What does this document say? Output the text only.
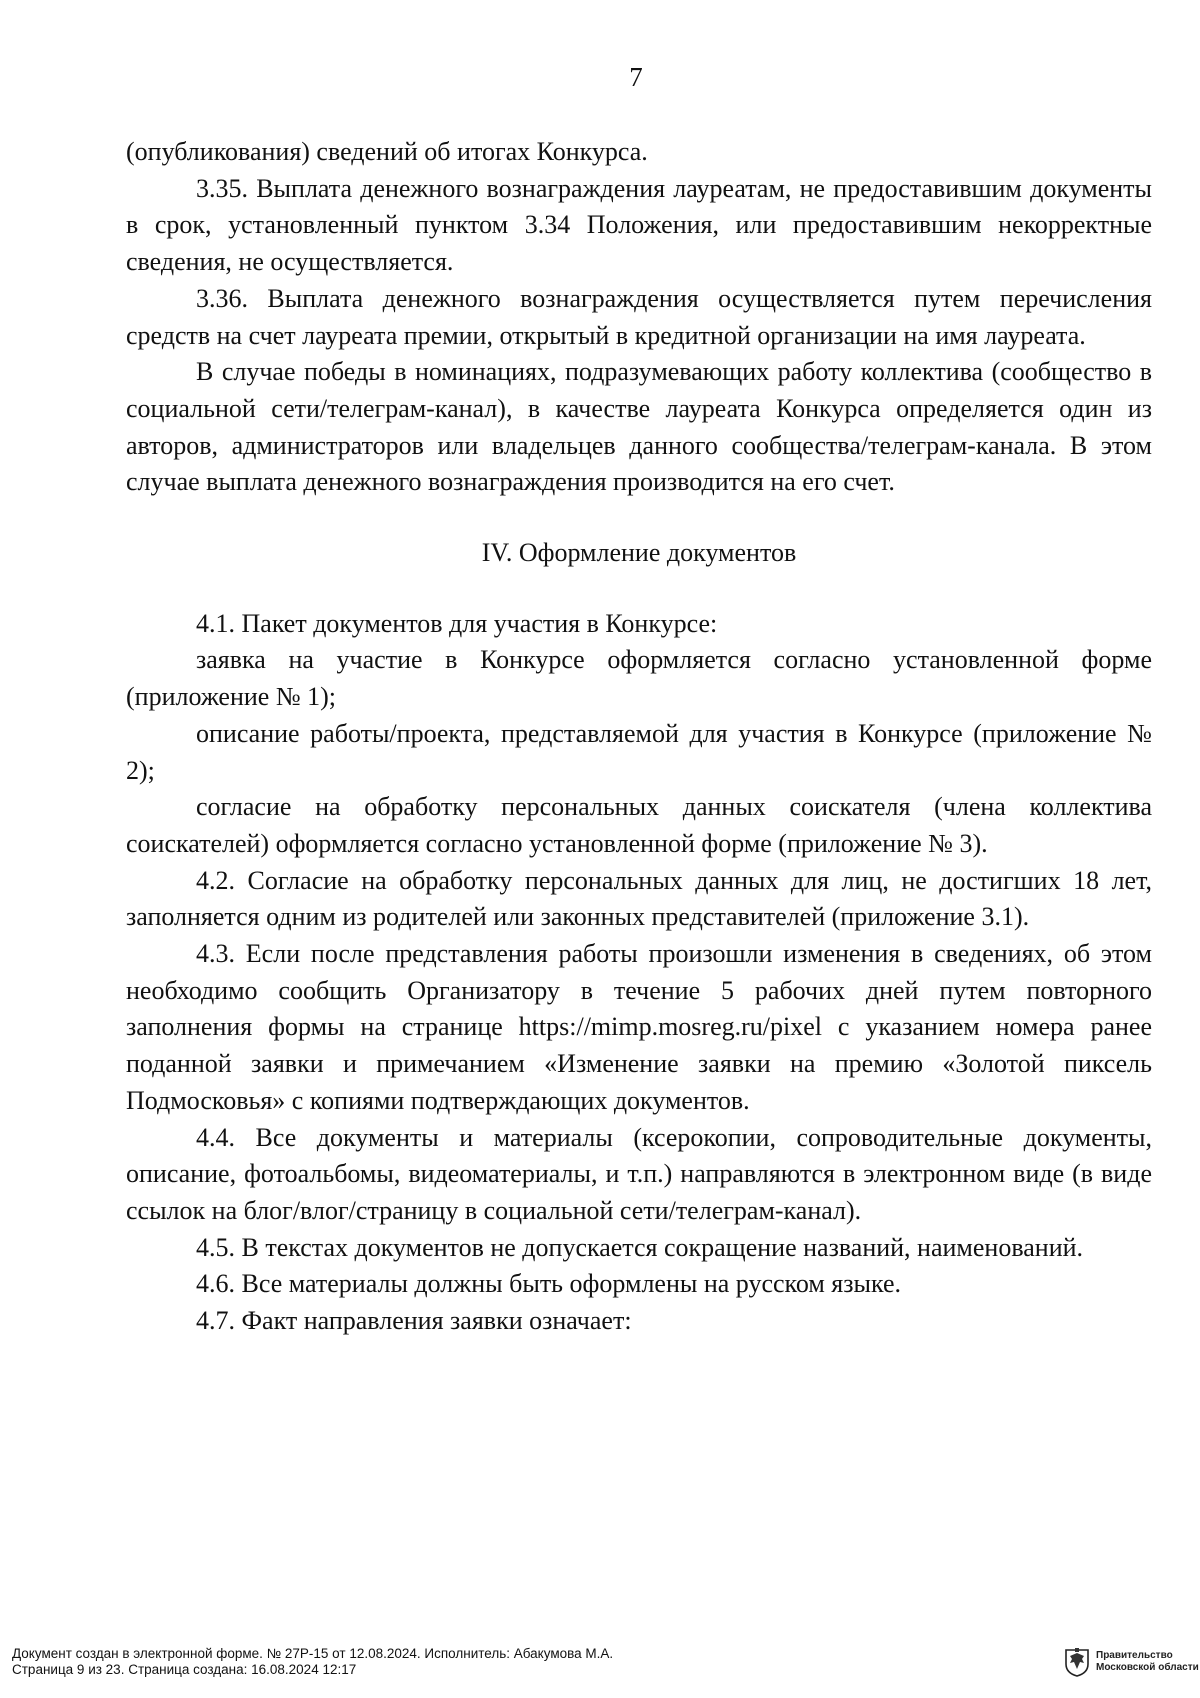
7

(опубликования) сведений об итогах Конкурса.

3.35. Выплата денежного вознаграждения лауреатам, не предоставившим документы в срок, установленный пунктом 3.34 Положения, или предоставившим некорректные сведения, не осуществляется.

3.36. Выплата денежного вознаграждения осуществляется путем перечисления средств на счет лауреата премии, открытый в кредитной организации на имя лауреата.

В случае победы в номинациях, подразумевающих работу коллектива (сообщество в социальной сети/телеграм-канал), в качестве лауреата Конкурса определяется один из авторов, администраторов или владельцев данного сообщества/телеграм-канала. В этом случае выплата денежного вознаграждения производится на его счет.

IV. Оформление документов

4.1. Пакет документов для участия в Конкурсе:

заявка на участие в Конкурсе оформляется согласно установленной форме (приложение № 1);

описание работы/проекта, представляемой для участия в Конкурсе (приложение № 2);

согласие на обработку персональных данных соискателя (члена коллектива соискателей) оформляется согласно установленной форме (приложение № 3).

4.2. Согласие на обработку персональных данных для лиц, не достигших 18 лет, заполняется одним из родителей или законных представителей (приложение 3.1).

4.3. Если после представления работы произошли изменения в сведениях, об этом необходимо сообщить Организатору в течение 5 рабочих дней путем повторного заполнения формы на странице https://mimp.mosreg.ru/pixel с указанием номера ранее поданной заявки и примечанием «Изменение заявки на премию «Золотой пиксель Подмосковья» с копиями подтверждающих документов.

4.4. Все документы и материалы (ксерокопии, сопроводительные документы, описание, фотоальбомы, видеоматериалы, и т.п.) направляются в электронном виде (в виде ссылок на блог/влог/страницу в социальной сети/телеграм-канал).

4.5. В текстах документов не допускается сокращение названий, наименований.

4.6. Все материалы должны быть оформлены на русском языке.

4.7. Факт направления заявки означает:

Документ создан в электронной форме. № 27Р-15 от 12.08.2024. Исполнитель: Абакумова М.А.
Страница 9 из 23. Страница создана: 16.08.2024 12:17
Правительство
Московской области
